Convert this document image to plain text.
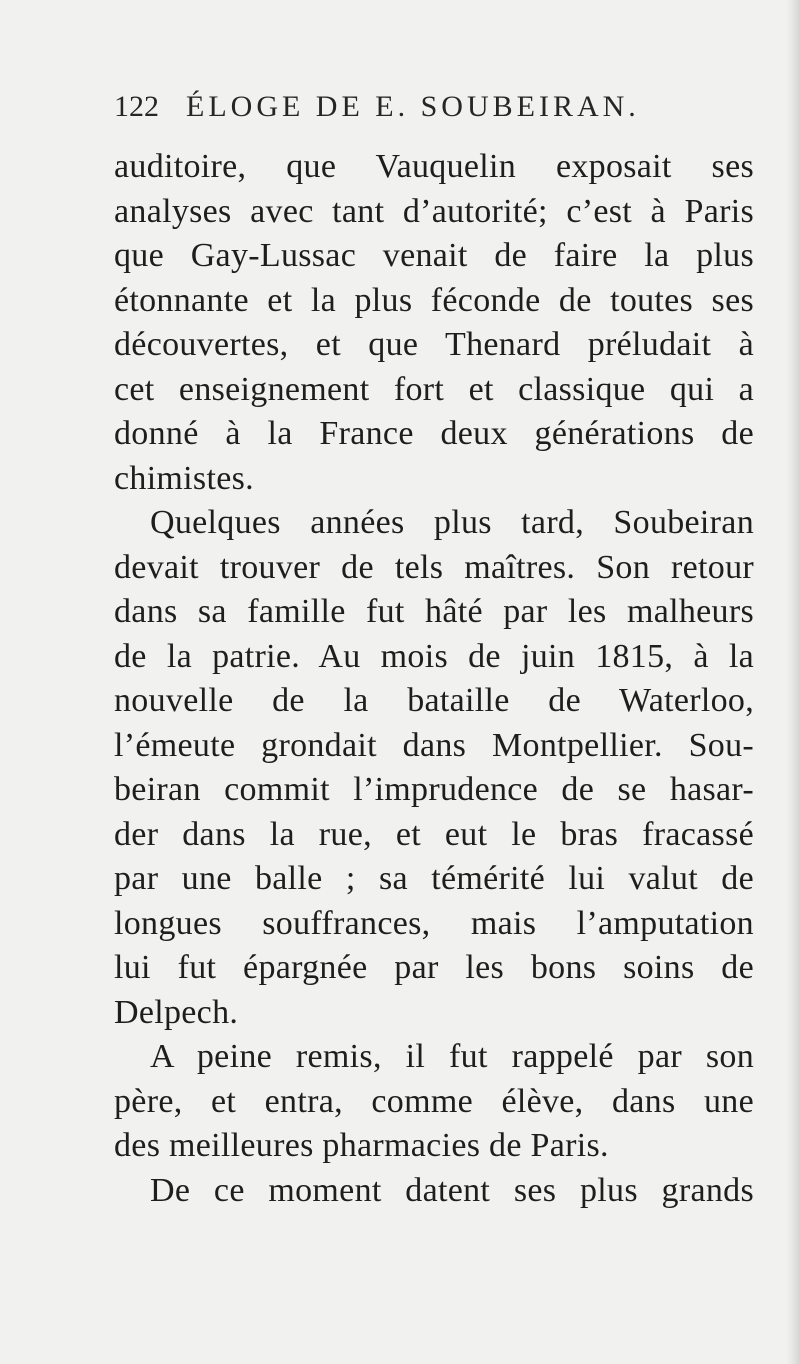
122 ÉLOGE DE E. SOUBEIRAN.
auditoire, que Vauquelin exposait ses
analyses avec tant d’autorité; c’est à Paris
que Gay-Lussac venait de faire la plus
étonnante et la plus féconde de toutes ses
découvertes, et que Thenard préludait à
cet enseignement fort et classique qui a
donné à la France deux générations de
chimistes.
Quelques années plus tard, Soubeiran
devait trouver de tels maîtres. Son retour
dans sa famille fut hâté par les malheurs
de la patrie. Au mois de juin 1815, à la
nouvelle de la bataille de Waterloo,
l’émeute grondait dans Montpellier. Sou-
beiran commit l’imprudence de se hasar-
der dans la rue, et eut le bras fracassé
par une balle ; sa témérité lui valut de
longues souffrances, mais l’amputation
lui fut épargnée par les bons soins de
Delpech.
A peine remis, il fut rappelé par son
père, et entra, comme élève, dans une
des meilleures pharmacies de Paris.
De ce moment datent ses plus grands
